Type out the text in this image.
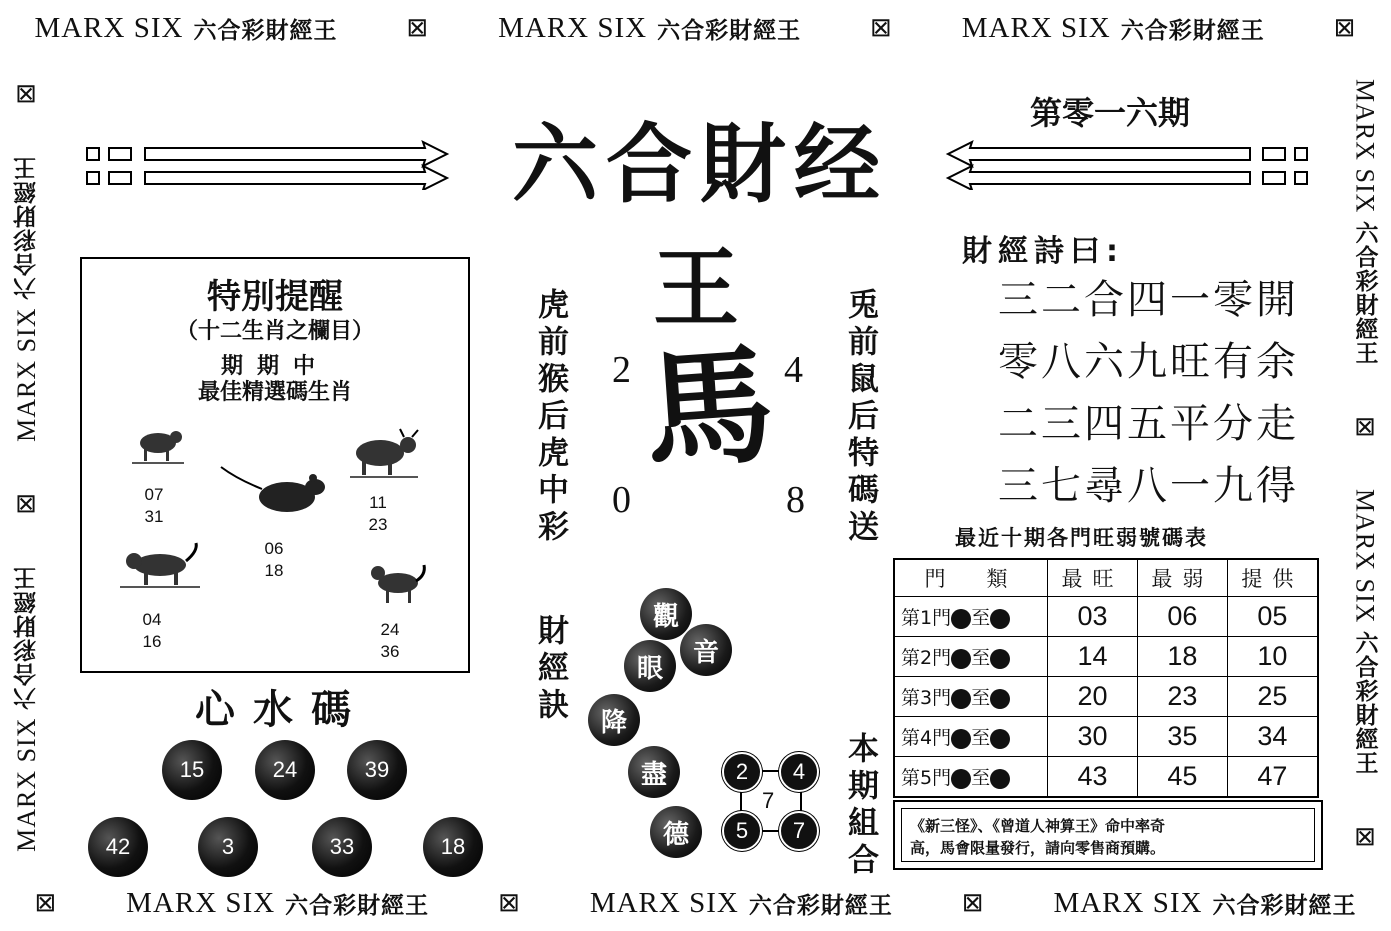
MARX SIX 六合彩財經王	⊠ MARX SIX 六合彩財經王	⊠ MARX SIX 六合彩財經王	⊠
⊠ MARX SIX 六合彩財經王	⊠ MARX SIX 六合彩財經王	⊠ MARX SIX 六合彩財經王
⊠
MARX SIX 六合彩財經王
⊠
MARX SIX 六合彩財經王
MARX SIX 六合彩財經王
⊠
MARX SIX 六合彩財經王
⊠
六合財经王
第零一六期
特別提醒
（十二生肖之欄目）
期期中
最佳精選碼生肖
07
31
06
18
11
23
04
16
24
36
心水碼
15	24	39
42	3	33	18
虎前猴后虎中彩
財經訣
兎前鼠后特碼送
本期組合
2	4
0	8
馬
觀
音
眼
降
盡
德
2	4
5	7
7
財經詩曰:
三二合四一零開
零八六九旺有余
二三四五平分走
三七尋八一九得
最近十期各門旺弱號碼表
門　類	最旺	最弱	提供
第1門 至	03	06	05
第2門 至	14	18	10
第3門 至	20	23	25
第4門 至	30	35	34
第5門 至	43	45	47
《新三怪》、《曾道人神算王》命中率奇
高，馬會限量發行，請向零售商預購。
